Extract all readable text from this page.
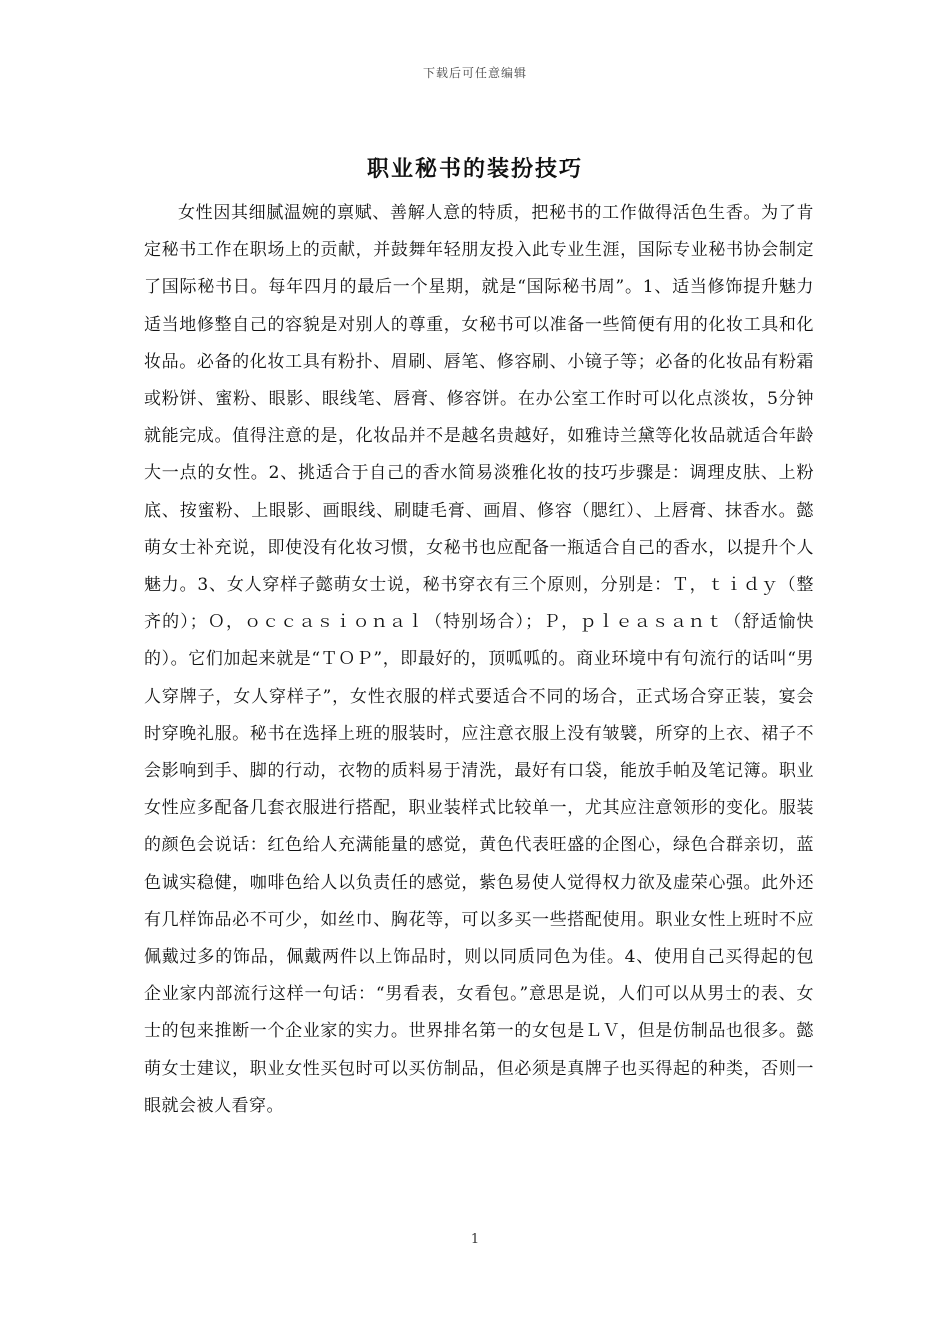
下载后可任意编辑
职业秘书的装扮技巧

女性因其细腻温婉的禀赋、善解人意的特质，把秘书的工作做得活色生香。为了肯定秘书工作在职场上的贡献，并鼓舞年轻朋友投入此专业生涯，国际专业秘书协会制定了国际秘书日。每年四月的最后一个星期，就是“国际秘书周”。1、适当修饰提升魅力适当地修整自己的容貌是对别人的尊重，女秘书可以准备一些简便有用的化妆工具和化妆品。必备的化妆工具有粉扑、眉刷、唇笔、修容刷、小镜子等；必备的化妆品有粉霜或粉饼、蜜粉、眼影、眼线笔、唇膏、修容饼。在办公室工作时可以化点淡妆，5分钟就能完成。值得注意的是，化妆品并不是越名贵越好，如雅诗兰黛等化妆品就适合年龄大一点的女性。2、挑适合于自己的香水简易淡雅化妆的技巧步骤是：调理皮肤、上粉底、按蜜粉、上眼影、画眼线、刷睫毛膏、画眉、修容（腮红）、上唇膏、抹香水。懿萌女士补充说，即使没有化妆习惯，女秘书也应配备一瓶适合自己的香水，以提升个人魅力。3、女人穿样子懿萌女士说，秘书穿衣有三个原则，分别是：Ｔ，ｔｉｄｙ（整齐的）；Ｏ，ｏｃｃａｓｉｏｎａｌ（特别场合）；Ｐ，ｐｌｅａｓａｎｔ（舒适愉快的）。它们加起来就是“ＴＯＰ”，即最好的，顶呱呱的。商业环境中有句流行的话叫“男人穿牌子，女人穿样子”，女性衣服的样式要适合不同的场合，正式场合穿正装，宴会时穿晚礼服。秘书在选择上班的服装时，应注意衣服上没有皱襞，所穿的上衣、裙子不会影响到手、脚的行动，衣物的质料易于清洗，最好有口袋，能放手帕及笔记簿。职业女性应多配备几套衣服进行搭配，职业装样式比较单一，尤其应注意领形的变化。服装的颜色会说话：红色给人充满能量的感觉，黄色代表旺盛的企图心，绿色合群亲切，蓝色诚实稳健，咖啡色给人以负责任的感觉，紫色易使人觉得权力欲及虚荣心强。此外还有几样饰品必不可少，如丝巾、胸花等，可以多买一些搭配使用。职业女性上班时不应佩戴过多的饰品，佩戴两件以上饰品时，则以同质同色为佳。4、使用自己买得起的包企业家内部流行这样一句话：“男看表，女看包。”意思是说，人们可以从男士的表、女士的包来推断一个企业家的实力。世界排名第一的女包是ＬＶ，但是仿制品也很多。懿萌女士建议，职业女性买包时可以买仿制品，但必须是真牌子也买得起的种类，否则一眼就会被人看穿。

1
